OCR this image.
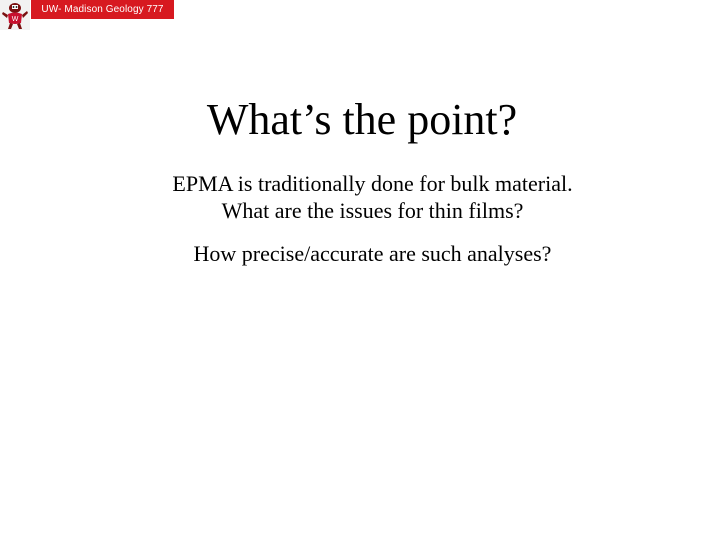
W
UW- Madison Geology 777
What’s the point?
EPMA is traditionally done for bulk material.
What are the issues for thin films?
How precise/accurate are such analyses?
